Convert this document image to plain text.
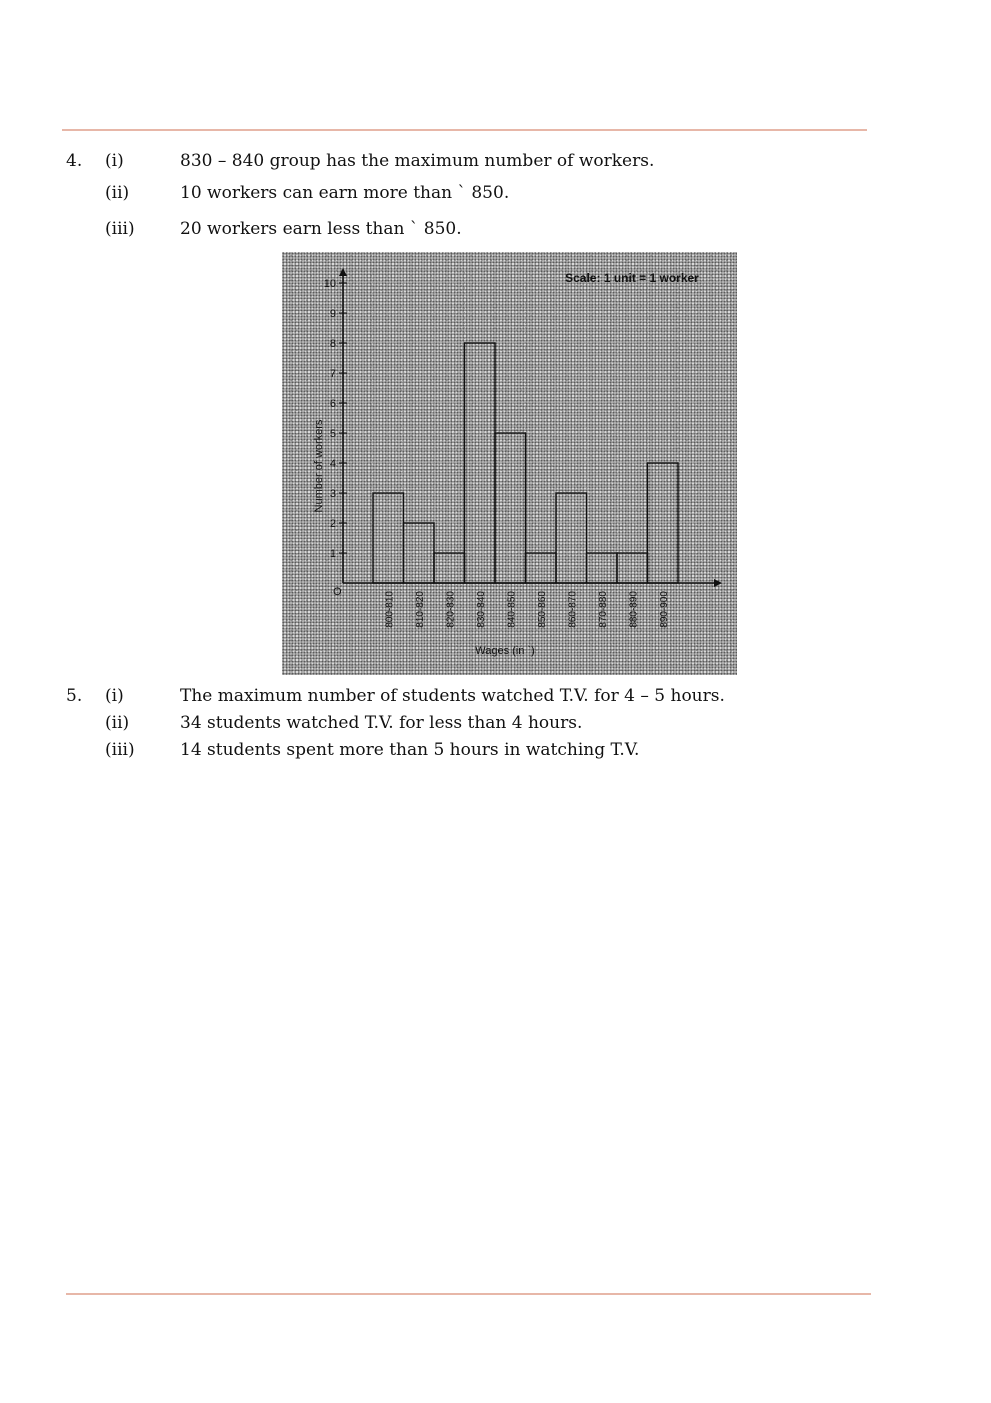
4. (i)	830 – 840 group has the maximum number of workers.
(ii)	10 workers can earn more than ` 850.
(iii)	20 workers earn less than ` 850.
1
2
3
4
5
6
7
8
9
10
O	800-810 810-820 820-830 830-840 840-850 850-860 860-870 870-880 880-890 890-900
Number of workers
Wages (in `)
Scale: 1 unit = 1 worker
5. (i)	The maximum number of students watched T.V. for 4 – 5 hours.
(ii)	34 students watched T.V. for less than 4 hours.
(iii)	14 students spent more than 5 hours in watching T.V.
